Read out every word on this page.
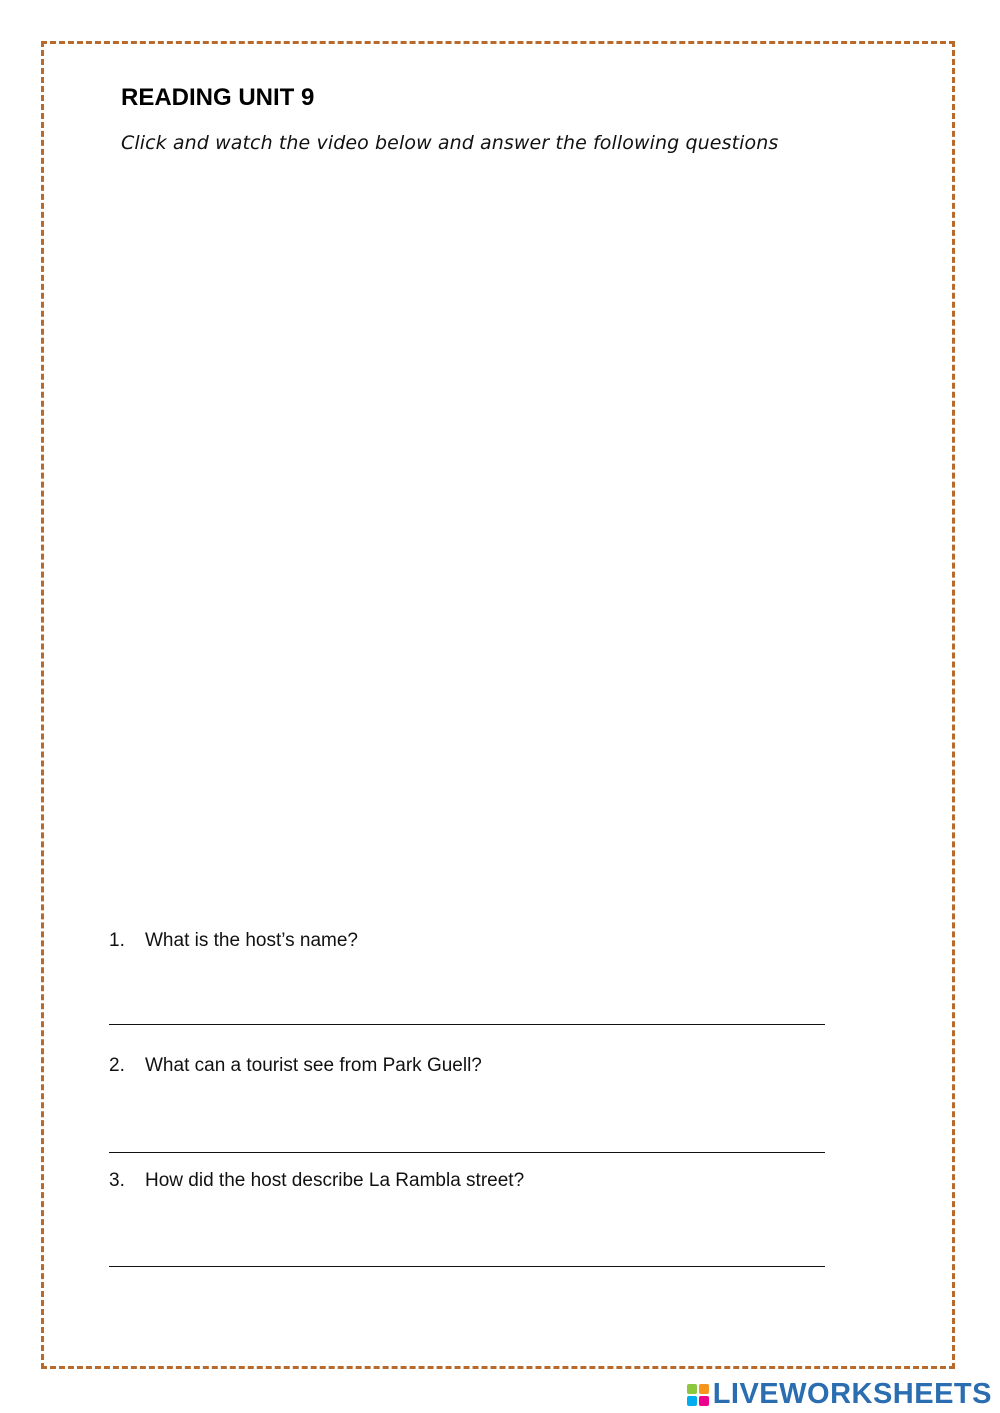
READING UNIT 9
Click and watch the video below and answer the following questions
1. What is the host’s name?
2. What can a tourist see from Park Guell?
3. How did the host describe La Rambla street?
LIVEWORKSHEETS
